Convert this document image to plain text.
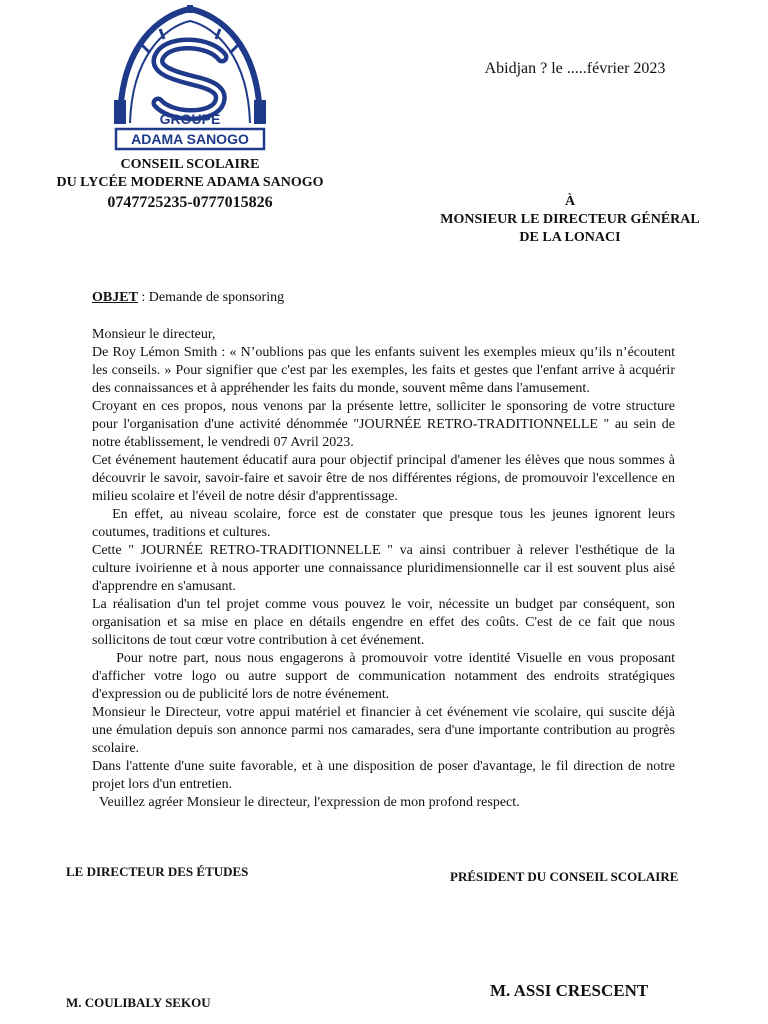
GROUPE
ADAMA SANOGO
CONSEIL SCOLAIRE
DU LYCÉE MODERNE ADAMA SANOGO
0747725235-0777015826
Abidjan ? le .....février 2023
À
MONSIEUR LE DIRECTEUR GÉNÉRAL
DE LA LONACI
OBJET : Demande de sponsoring

Monsieur le directeur,

De Roy Lémon Smith : « N’oublions pas que les enfants suivent les exemples mieux qu’ils n’écoutent les conseils. » Pour signifier que c'est par les exemples, les faits et gestes que l'enfant arrive à acquérir des connaissances et à appréhender les faits du monde, souvent même dans l'amusement.

Croyant en ces propos, nous venons par la présente lettre, solliciter le sponsoring de votre structure pour l'organisation d'une activité dénommée "JOURNÉE RETRO-TRADITIONNELLE " au sein de notre établissement, le vendredi 07 Avril 2023.

Cet événement hautement éducatif aura pour objectif principal d'amener les élèves que nous sommes à découvrir le savoir, savoir-faire et savoir être de nos différentes régions, de promouvoir l'excellence en milieu scolaire et l'éveil de notre désir d'apprentissage.

En effet, au niveau scolaire, force est de constater que presque tous les jeunes ignorent leurs coutumes, traditions et cultures.

Cette " JOURNÉE RETRO-TRADITIONNELLE " va ainsi contribuer à relever l'esthétique de la culture ivoirienne et à nous apporter une connaissance pluridimensionnelle car il est souvent plus aisé d'apprendre en s'amusant.

La réalisation d'un tel projet comme vous pouvez le voir, nécessite un budget par conséquent, son organisation et sa mise en place en détails engendre en effet des coûts. C'est de ce fait que nous sollicitons de tout cœur votre contribution à cet événement.

Pour notre part, nous nous engagerons à promouvoir votre identité Visuelle en vous proposant d'afficher votre logo ou autre support de communication notamment des endroits stratégiques d'expression ou de publicité lors de notre événement.

Monsieur le Directeur, votre appui matériel et financier à cet événement vie scolaire, qui suscite déjà une émulation depuis son annonce parmi nos camarades, sera d'une importante contribution au progrès scolaire.

Dans l'attente d'une suite favorable, et à une disposition de poser d'avantage, le fil direction de notre projet lors d'un entretien.

Veuillez agréer Monsieur le directeur, l'expression de mon profond respect.

LE DIRECTEUR DES ÉTUDES	PRÉSIDENT DU CONSEIL SCOLAIRE
M. COULIBALY SEKOU
M. ASSI CRESCENT
